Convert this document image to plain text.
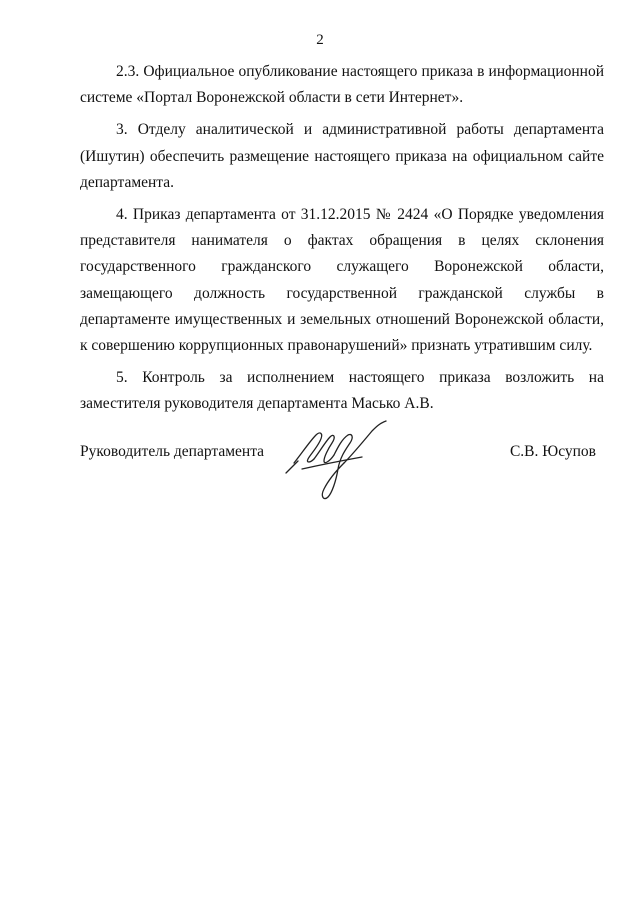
2

2.3. Официальное опубликование настоящего приказа в информационной системе «Портал Воронежской области в сети Интернет».

3. Отделу аналитической и административной работы департамента (Ишутин) обеспечить размещение настоящего приказа на официальном сайте департамента.

4. Приказ департамента от 31.12.2015 № 2424 «О Порядке уведомления представителя нанимателя о фактах обращения в целях склонения государственного гражданского служащего Воронежской области, замещающего должность государственной гражданской службы в департаменте имущественных и земельных отношений Воронежской области, к совершению коррупционных правонарушений» признать утратившим силу.

5. Контроль за исполнением настоящего приказа возложить на заместителя руководителя департамента Масько А.В.

Руководитель департамента	С.В. Юсупов
